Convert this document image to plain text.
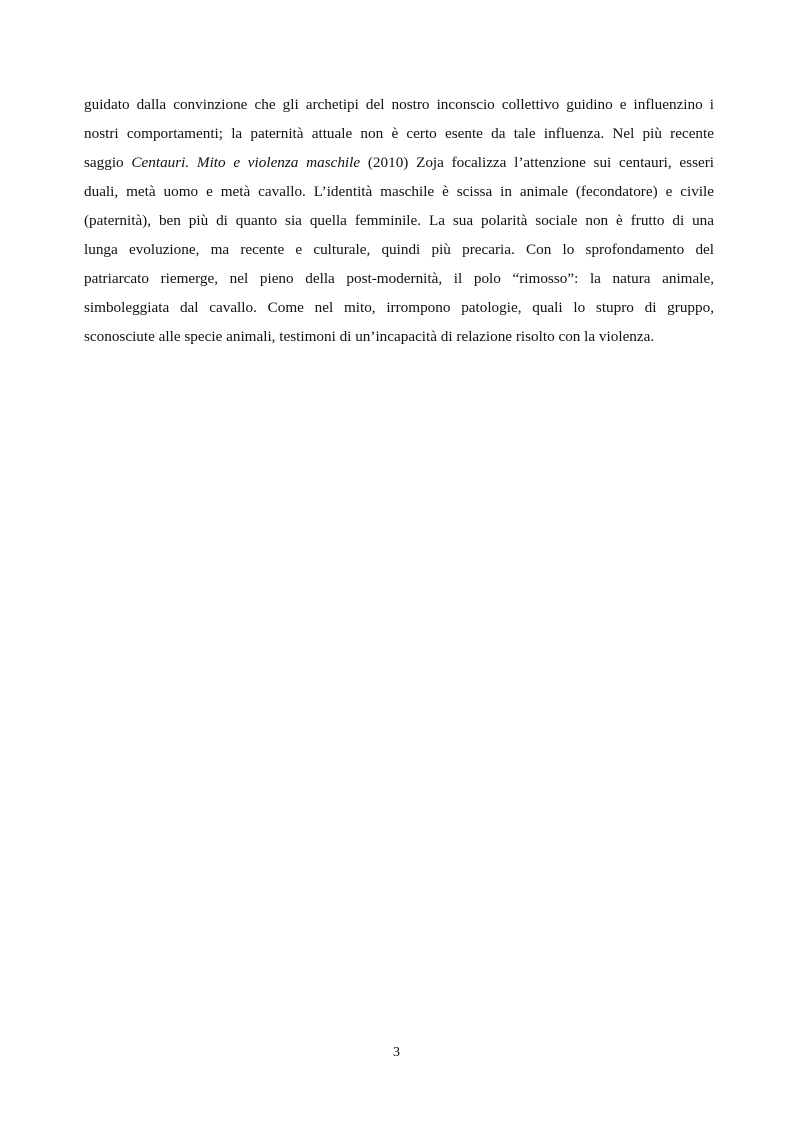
guidato dalla convinzione che gli archetipi del nostro inconscio collettivo guidino e influenzino i
nostri comportamenti; la paternità attuale non è certo esente da tale influenza. Nel più recente
saggio Centauri. Mito e violenza maschile (2010) Zoja focalizza l’attenzione sui centauri, esseri
duali, metà uomo e metà cavallo. L’identità maschile è scissa in animale (fecondatore) e civile
(paternità), ben più di quanto sia quella femminile. La sua polarità sociale non è frutto di una
lunga evoluzione, ma recente e culturale, quindi più precaria. Con lo sprofondamento del
patriarcato riemerge, nel pieno della post-modernità, il polo “rimosso”: la natura animale,
simboleggiata dal cavallo. Come nel mito, irrompono patologie, quali lo stupro di gruppo,
sconosciute alle specie animali, testimoni di un’incapacità di relazione risolto con la violenza.
3
